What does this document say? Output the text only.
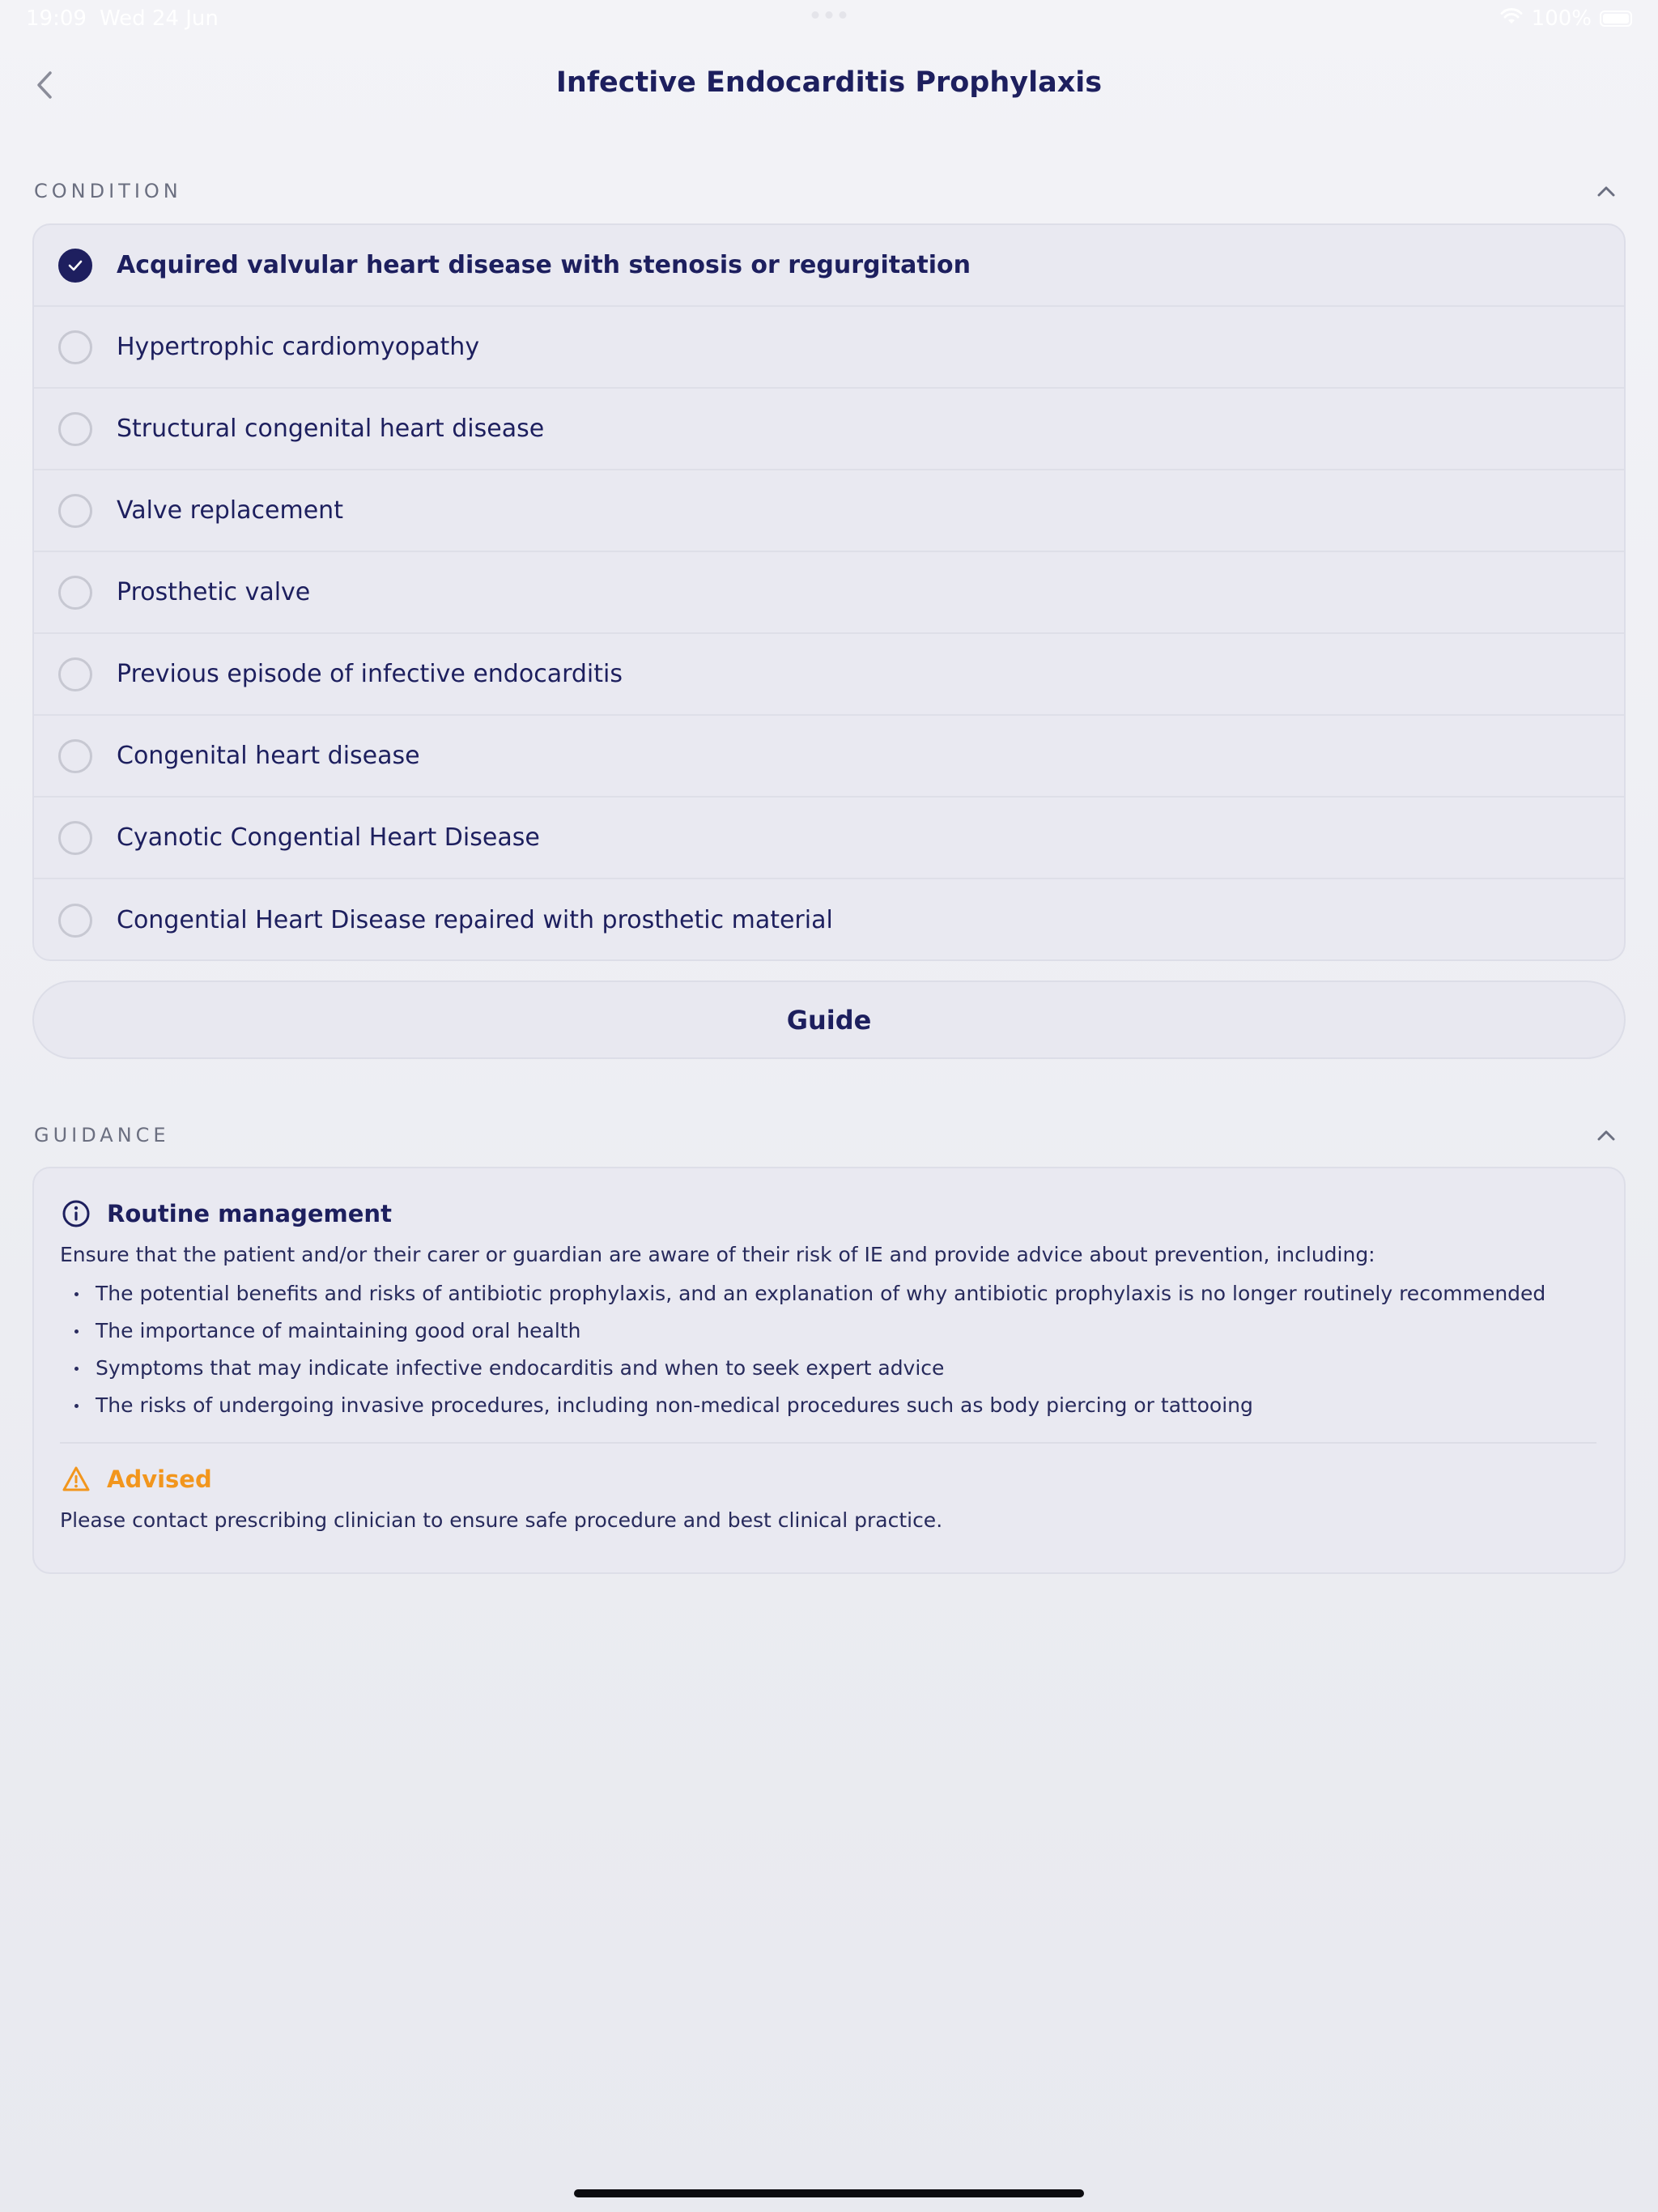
19:09 Wed 24 Jun	100%
Infective Endocarditis Prophylaxis
CONDITION
Acquired valvular heart disease with stenosis or regurgitation
Hypertrophic cardiomyopathy
Structural congenital heart disease
Valve replacement
Prosthetic valve
Previous episode of infective endocarditis
Congenital heart disease
Cyanotic Congential Heart Disease
Congential Heart Disease repaired with prosthetic material
Guide
GUIDANCE
Routine management
Ensure that the patient and/or their carer or guardian are aware of their risk of IE and provide advice about prevention, including:
The potential benefits and risks of antibiotic prophylaxis, and an explanation of why antibiotic prophylaxis is no longer routinely recommended
The importance of maintaining good oral health
Symptoms that may indicate infective endocarditis and when to seek expert advice
The risks of undergoing invasive procedures, including non-medical procedures such as body piercing or tattooing
Advised
Please contact prescribing clinician to ensure safe procedure and best clinical practice.
